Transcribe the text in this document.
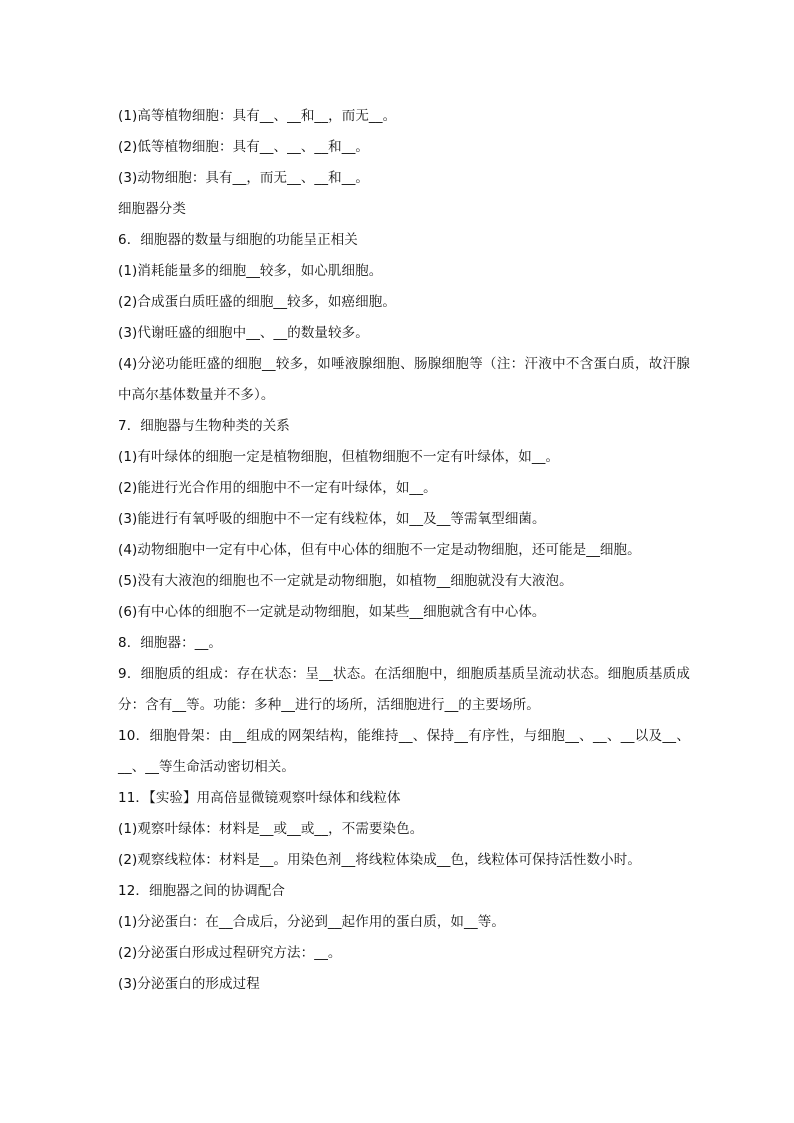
(1)高等植物细胞：具有__、__和__，而无__。
(2)低等植物细胞：具有__、__、__和__。
(3)动物细胞：具有__，而无__、__和__。
细胞器分类
6．细胞器的数量与细胞的功能呈正相关
(1)消耗能量多的细胞__较多，如心肌细胞。
(2)合成蛋白质旺盛的细胞__较多，如癌细胞。
(3)代谢旺盛的细胞中__、__的数量较多。
(4)分泌功能旺盛的细胞__较多，如唾液腺细胞、肠腺细胞等（注：汗液中不含蛋白质，故汗腺中高尔基体数量并不多）。
7．细胞器与生物种类的关系
(1)有叶绿体的细胞一定是植物细胞，但植物细胞不一定有叶绿体，如__。
(2)能进行光合作用的细胞中不一定有叶绿体，如__。
(3)能进行有氧呼吸的细胞中不一定有线粒体，如__及__等需氧型细菌。
(4)动物细胞中一定有中心体，但有中心体的细胞不一定是动物细胞，还可能是__细胞。
(5)没有大液泡的细胞也不一定就是动物细胞，如植物__细胞就没有大液泡。
(6)有中心体的细胞不一定就是动物细胞，如某些__细胞就含有中心体。
8．细胞器：__。
9．细胞质的组成：存在状态：呈__状态。在活细胞中，细胞质基质呈流动状态。细胞质基质成分：含有__等。功能：多种__进行的场所，活细胞进行__的主要场所。
10．细胞骨架：由__组成的网架结构，能维持__、保持__有序性，与细胞__、__、__以及__、__、__等生命活动密切相关。
11．【实验】用高倍显微镜观察叶绿体和线粒体
(1)观察叶绿体：材料是__或__或__，不需要染色。
(2)观察线粒体：材料是__。用染色剂__将线粒体染成__色，线粒体可保持活性数小时。
12．细胞器之间的协调配合
(1)分泌蛋白：在__合成后，分泌到__起作用的蛋白质，如__等。
(2)分泌蛋白形成过程研究方法：__。
(3)分泌蛋白的形成过程
